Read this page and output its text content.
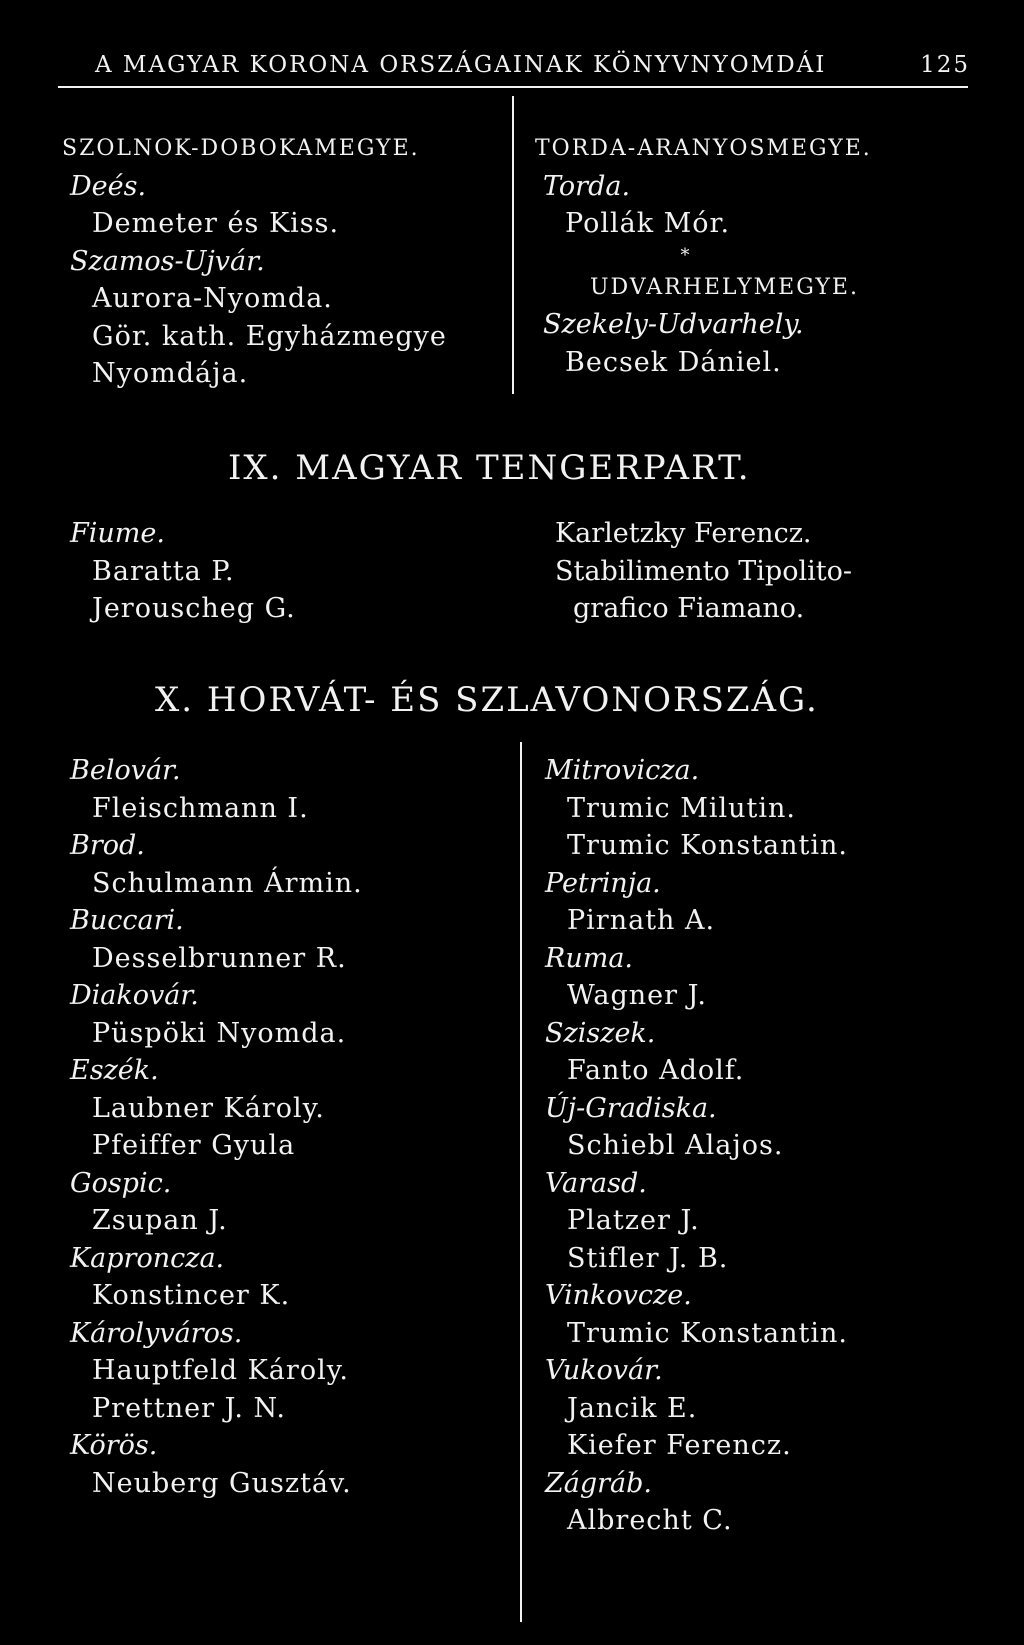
A MAGYAR KORONA ORSZÁGAINAK KÖNYVNYOMDÁI	125
SZOLNOK-DOBOKAMEGYE.
Deés.
Demeter és Kiss.
Szamos-Ujvár.
Aurora-Nyomda.
Gör. kath. Egyházmegye
Nyomdája.
TORDA-ARANYOSMEGYE.
Torda.
Pollák Mór.
*
UDVARHELYMEGYE.
Szekely-Udvarhely.
Becsek Dániel.
IX. MAGYAR TENGERPART.
Fiume.
Baratta P.
Jerouscheg G.
Karletzky Ferencz.
Stabilimento Tipolito-
grafico Fiamano.
X. HORVÁT- ÉS SZLAVONORSZÁG.
Belovár.
Fleischmann I.
Brod.
Schulmann Ármin.
Buccari.
Desselbrunner R.
Diakovár.
Püspöki Nyomda.
Eszék.
Laubner Károly.
Pfeiffer Gyula
Gospic.
Zsupan J.
Kaproncza.
Konstincer K.
Károlyváros.
Hauptfeld Károly.
Prettner J. N.
Körös.
Neuberg Gusztáv.
Mitrovicza.
Trumic Milutin.
Trumic Konstantin.
Petrinja.
Pirnath A.
Ruma.
Wagner J.
Sziszek.
Fanto Adolf.
Új-Gradiska.
Schiebl Alajos.
Varasd.
Platzer J.
Stifler J. B.
Vinkovcze.
Trumic Konstantin.
Vukovár.
Jancik E.
Kiefer Ferencz.
Zágráb.
Albrecht C.
